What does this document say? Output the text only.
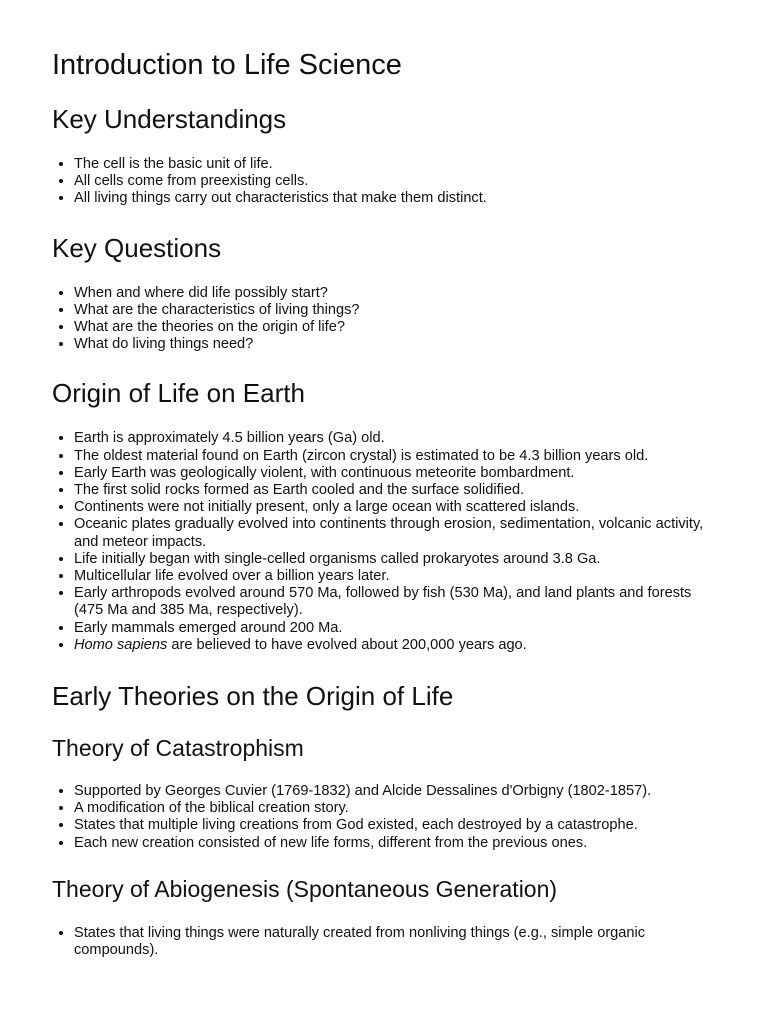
Introduction to Life Science
Key Understandings
• The cell is the basic unit of life.
• All cells come from preexisting cells.
• All living things carry out characteristics that make them distinct.
Key Questions
• When and where did life possibly start?
• What are the characteristics of living things?
• What are the theories on the origin of life?
• What do living things need?
Origin of Life on Earth
• Earth is approximately 4.5 billion years (Ga) old.
• The oldest material found on Earth (zircon crystal) is estimated to be 4.3 billion years old.
• Early Earth was geologically violent, with continuous meteorite bombardment.
• The first solid rocks formed as Earth cooled and the surface solidified.
• Continents were not initially present, only a large ocean with scattered islands.
• Oceanic plates gradually evolved into continents through erosion, sedimentation, volcanic activity, and meteor impacts.
• Life initially began with single-celled organisms called prokaryotes around 3.8 Ga.
• Multicellular life evolved over a billion years later.
• Early arthropods evolved around 570 Ma, followed by fish (530 Ma), and land plants and forests (475 Ma and 385 Ma, respectively).
• Early mammals emerged around 200 Ma.
• Homo sapiens are believed to have evolved about 200,000 years ago.
Early Theories on the Origin of Life
Theory of Catastrophism
• Supported by Georges Cuvier (1769-1832) and Alcide Dessalines d'Orbigny (1802-1857).
• A modification of the biblical creation story.
• States that multiple living creations from God existed, each destroyed by a catastrophe.
• Each new creation consisted of new life forms, different from the previous ones.
Theory of Abiogenesis (Spontaneous Generation)
• States that living things were naturally created from nonliving things (e.g., simple organic compounds).
